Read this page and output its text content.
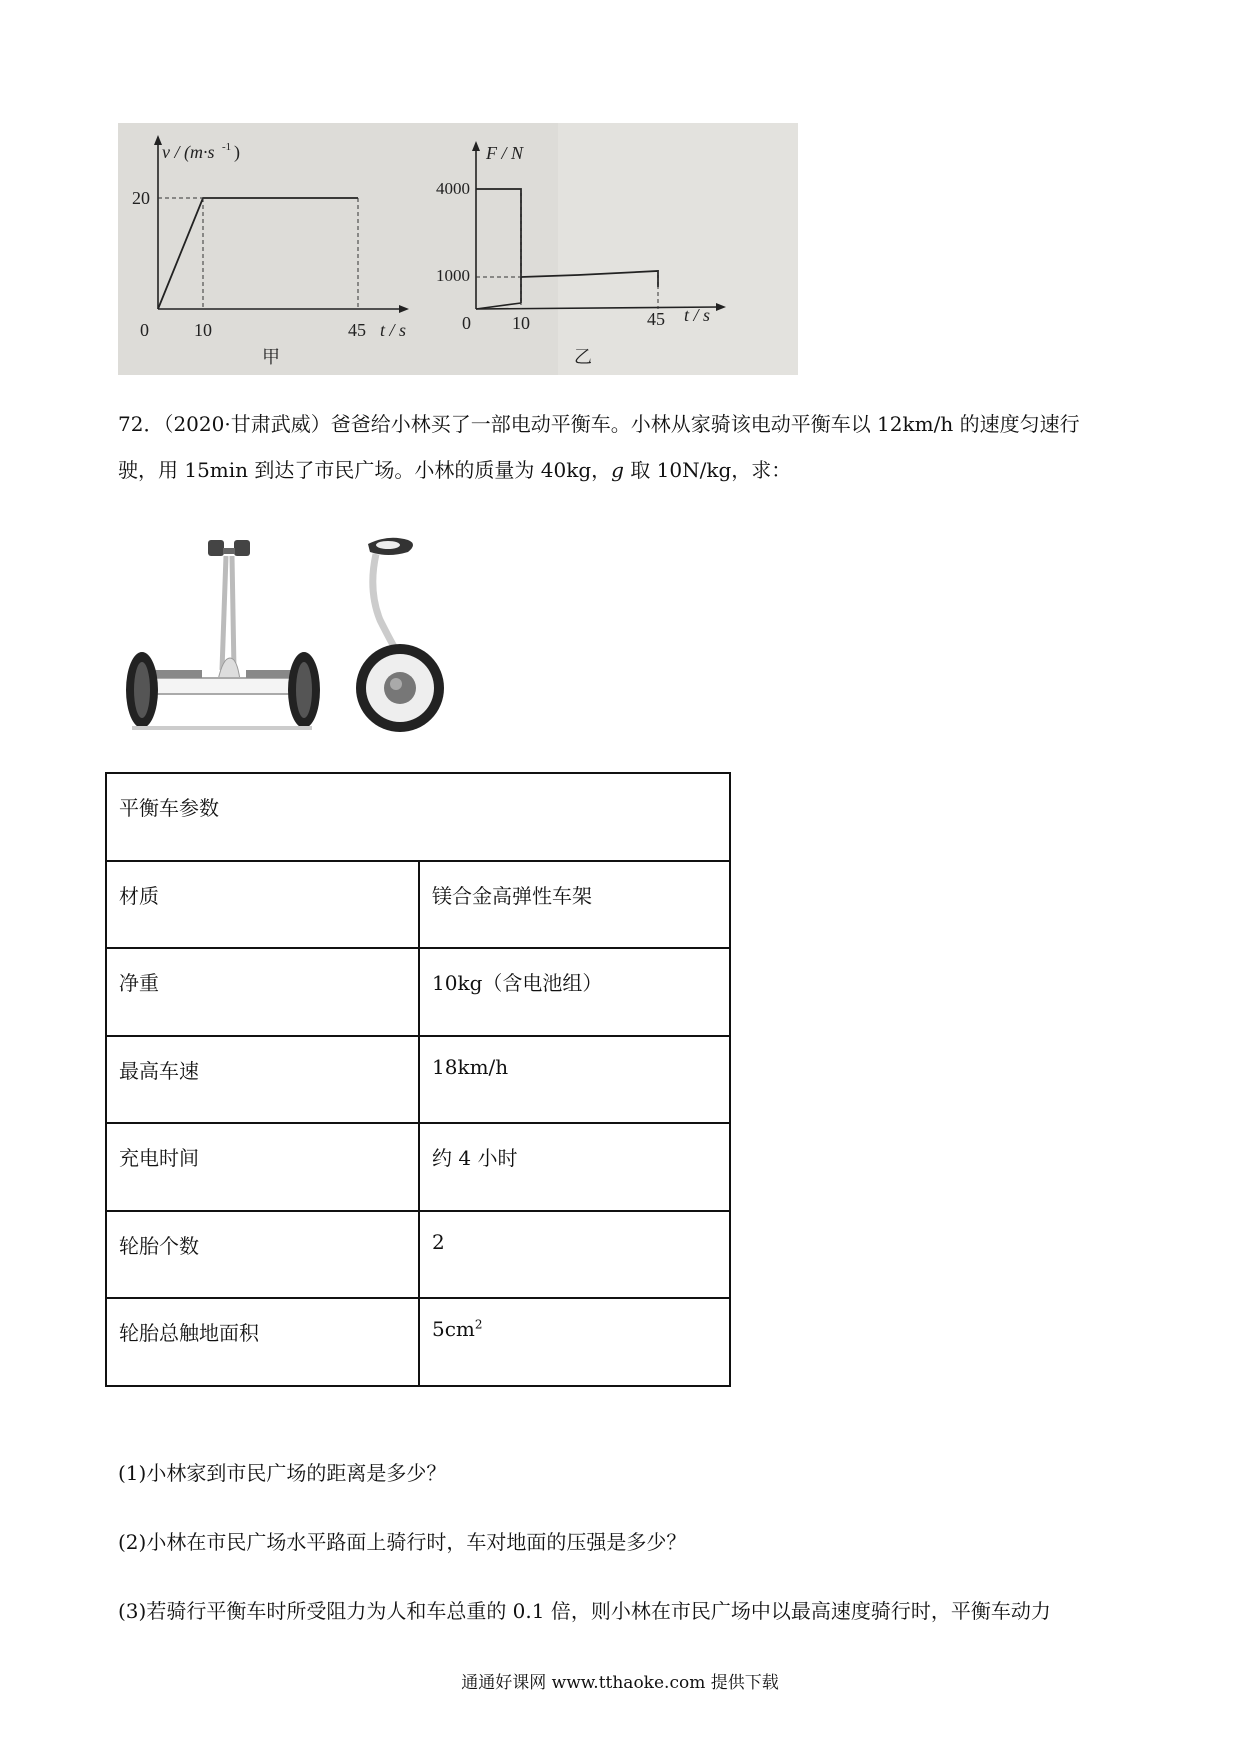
v / (m·s -1 )
20
0	10	45 t / s
甲
F / N
4000
1000
0 10	45 t / s
乙
72．（2020·甘肃武威）爸爸给小林买了一部电动平衡车。小林从家骑该电动平衡车以 12km/h 的速度匀速行
驶，用 15min 到达了市民广场。小林的质量为 40kg，g 取 10N/kg，求：
平衡车参数	
材质	镁合金高弹性车架
净重	10kg（含电池组）
最高车速	18km/h
充电时间	约 4 小时
轮胎个数	2
轮胎总触地面积	$5cm^2$
(1)小林家到市民广场的距离是多少？
(2)小林在市民广场水平路面上骑行时，车对地面的压强是多少？
(3)若骑行平衡车时所受阻力为人和车总重的 0.1 倍，则小林在市民广场中以最高速度骑行时，平衡车动力
通通好课网 www.tthaoke.com 提供下载
